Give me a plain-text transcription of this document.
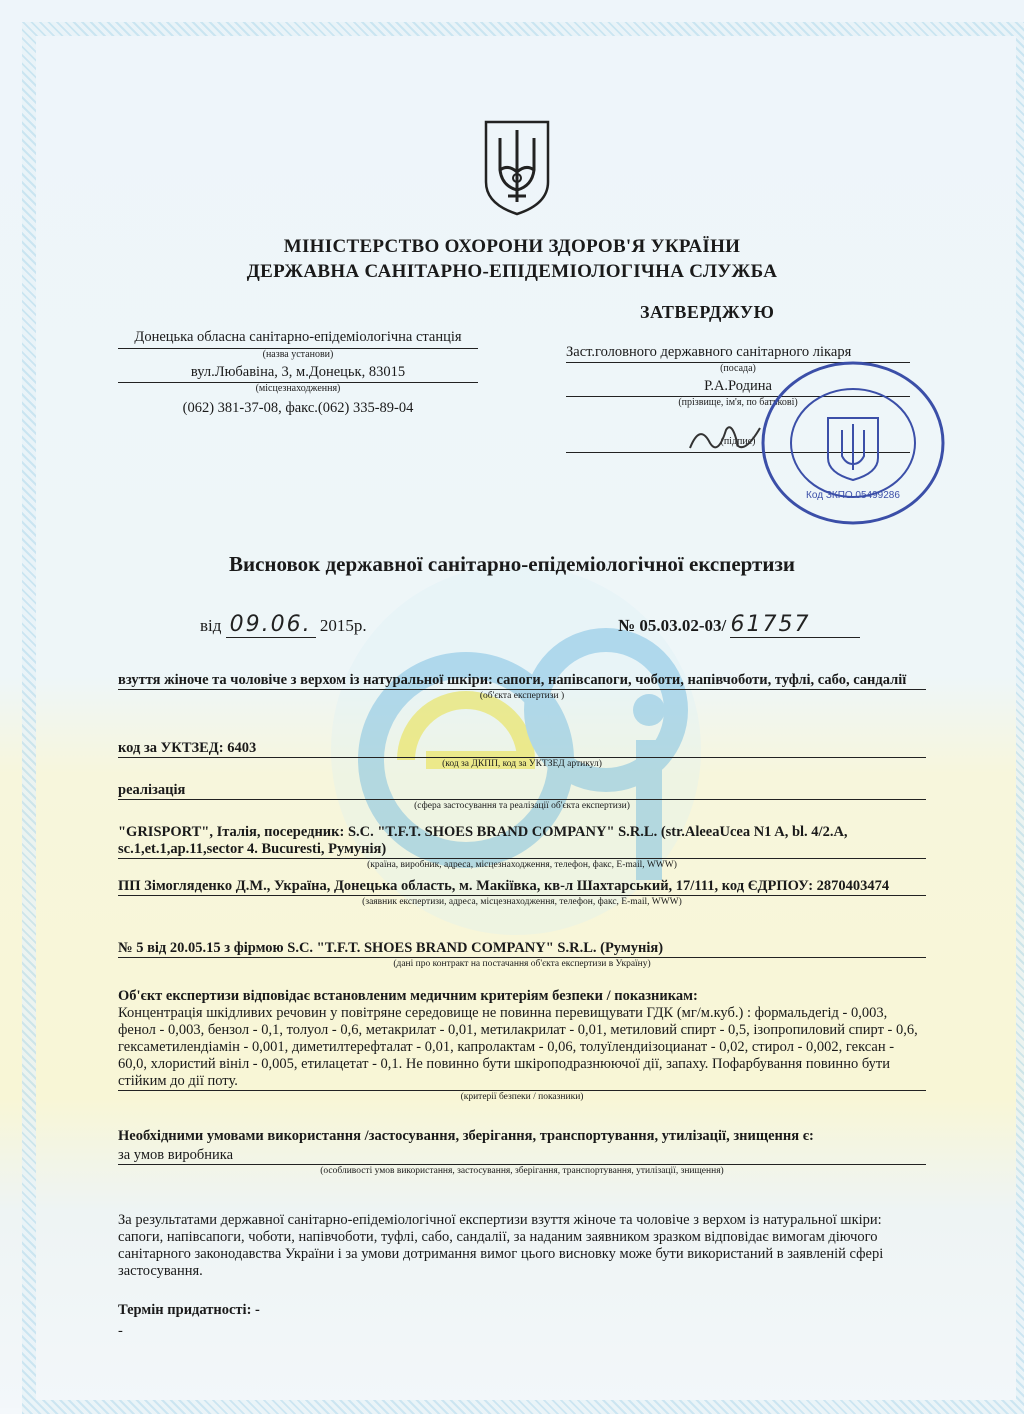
МІНІСТЕРСТВО ОХОРОНИ ЗДОРОВ'Я УКРАЇНИ
ДЕРЖАВНА САНІТАРНО-ЕПІДЕМІОЛОГІЧНА СЛУЖБА
ЗАТВЕРДЖУЮ
Донецька обласна санітарно-епідеміологічна станція
(назва установи)
вул.Любавіна, 3, м.Донецьк, 83015
(місцезнаходження)
(062) 381-37-08, факс.(062) 335-89-04
Заст.головного державного санітарного лікаря
(посада)
Р.А.Родина
(прізвище, ім'я, по батькові)
(підпис)
Код ЗКПО 05499286
Висновок державної санітарно-епідеміологічної експертизи
від 09.06. 2015р.	№ 05.03.02-03/ 61757
взуття жіноче та чоловіче з верхом із натуральної шкіри: сапоги, напівсапоги, чоботи, напівчоботи, туфлі, сабо, сандалії
(об'єкта експертизи )
код за УКТЗЕД: 6403
(код за ДКПП, код за УКТЗЕД артикул)
реалізація
(сфера застосування та реалізації об'єкта експертизи)
"GRISPORT", Італія, посередник: S.C. "T.F.T. SHOES BRAND COMPANY" S.R.L. (str.AleeaUcea N1 A, bl. 4/2.A, sc.1,et.1,ap.11,sector 4. Bucuresti, Румунія)
(країна, виробник, адреса, місцезнаходження, телефон, факс, E-mail, WWW)
ПП Зімогляденко Д.М., Україна, Донецька область, м. Макіївка, кв-л Шахтарський, 17/111, код ЄДРПОУ: 2870403474
(заявник експертизи, адреса, місцезнаходження, телефон, факс, E-mail, WWW)
№ 5 від 20.05.15 з фірмою S.C. "T.F.T. SHOES BRAND COMPANY" S.R.L. (Румунія)
(дані про контракт на постачання об'єкта експертизи в Україну)
Об'єкт експертизи відповідає встановленим медичним критеріям безпеки / показникам:
Концентрація шкідливих речовин у повітряне середовище не повинна перевищувати ГДК (мг/м.куб.) : формальдегід - 0,003, фенол - 0,003, бензол - 0,1, толуол - 0,6, метакрилат - 0,01, метилакрилат - 0,01, метиловий спирт - 0,5, ізопропиловий спирт - 0,6, гексаметилендіамін - 0,001, диметилтерефталат - 0,01, капролактам - 0,06, толуїлендиізоцианат - 0,02, стирол - 0,002, гексан - 60,0, хлористий вініл - 0,005, етилацетат - 0,1. Не повинно бути шкіроподразнюючої дії, запаху. Пофарбування повинно бути стійким до дії поту.
(критерії безпеки / показники)
Необхідними умовами використання /застосування, зберігання, транспортування, утилізації, знищення є:
за умов виробника
(особливості умов використання, застосування, зберігання, транспортування, утилізації, знищення)
За результатами державної санітарно-епідеміологічної експертизи взуття жіноче та чоловіче з верхом із натуральної шкіри: сапоги, напівсапоги, чоботи, напівчоботи, туфлі, сабо, сандалії, за наданим заявником зразком відповідає вимогам діючого санітарного законодавства України і за умови дотримання вимог цього висновку може бути використаний в заявленій сфері застосування.
Термін придатності: -
-
